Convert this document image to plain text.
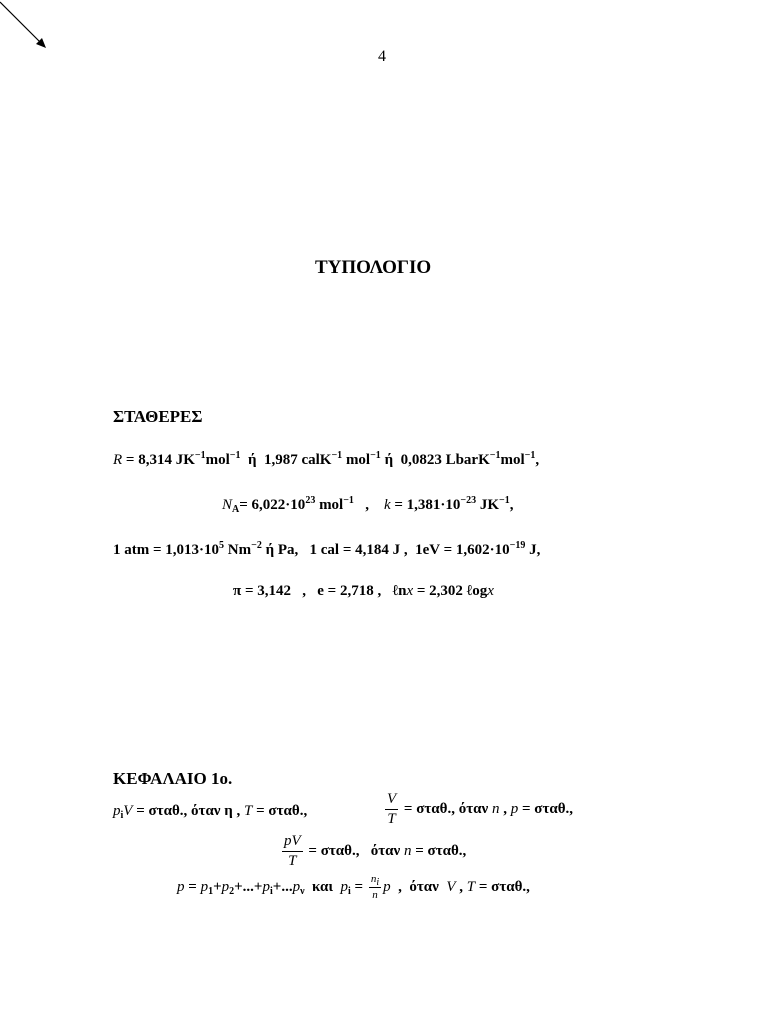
4
ΤΥΠΟΛΟΓΙΟ
ΣΤΑΘΕΡΕΣ
R = 8,314 $JK^{-1}mol^{-1}$  ή  1,987 calK$^{-1}$ mol$^{-1}$ ή  0,0823 LbarK$^{-1}$mol$^{-1}$,
$N_A= 6,022\cdot 10^{23}$ mol$^{-1}$   ,    $k = 1,381\cdot 10^{-23}$ $JK^{-1}$,
1 atm = $1,013\cdot 10^5$ $Nm^{-2}$ ή Pa,   1 cal = 4,184 J ,  $1eV = 1,602\cdot 10^{-19}$ J,
π = 3,142   ,   e = 2,718 ,   ℓnx = 2,302 ℓogx
ΚΕΦΑΛΑΙΟ 1ο.
$p_iV = \sigma\tau\alpha\theta$., όταν η , T = σταθ.,	$\frac{V}{T} = \sigma\tau\alpha\theta$., όταν n , p = σταθ.,
$\frac{pV}{T} = \sigma\tau\alpha\theta$.,   όταν n = σταθ.,
$p = p_1+p_2+...+p_i+...p_\nu$  και  $p_i = \frac{n_i}{n}$ p  ,  όταν  V , T = σταθ.,
